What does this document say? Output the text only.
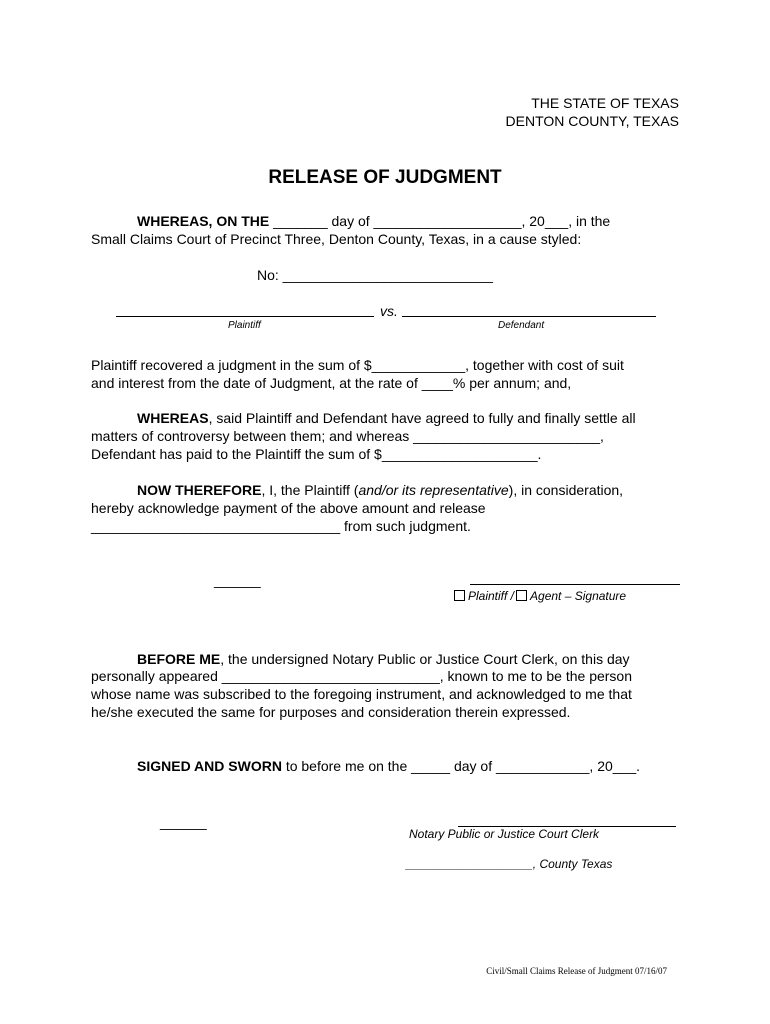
THE STATE OF TEXAS
DENTON COUNTY, TEXAS
RELEASE OF JUDGMENT
WHEREAS, ON THE _______ day of ___________________, 20___, in the
Small Claims Court of Precinct Three, Denton County, Texas, in a cause styled:
No: ___________________________
vs.
Plaintiff	Defendant
Plaintiff recovered a judgment in the sum of $____________, together with cost of suit
and interest from the date of Judgment, at the rate of ____% per annum; and,
WHEREAS, said Plaintiff and Defendant have agreed to fully and finally settle all
matters of controversy between them; and whereas ________________________,
Defendant has paid to the Plaintiff the sum of $____________________.
NOW THEREFORE, I, the Plaintiff (and/or its representative), in consideration,
hereby acknowledge payment of the above amount and release
________________________________ from such judgment.
______
Plaintiff / Agent – Signature
BEFORE ME, the undersigned Notary Public or Justice Court Clerk, on this day
personally appeared ____________________________, known to me to be the person
whose name was subscribed to the foregoing instrument, and acknowledged to me that
he/she executed the same for purposes and consideration therein expressed.
SIGNED AND SWORN to before me on the _____ day of ____________, 20___.
______
Notary Public or Justice Court Clerk
___________________, County Texas
Civil/Small Claims Release of Judgment 07/16/07
